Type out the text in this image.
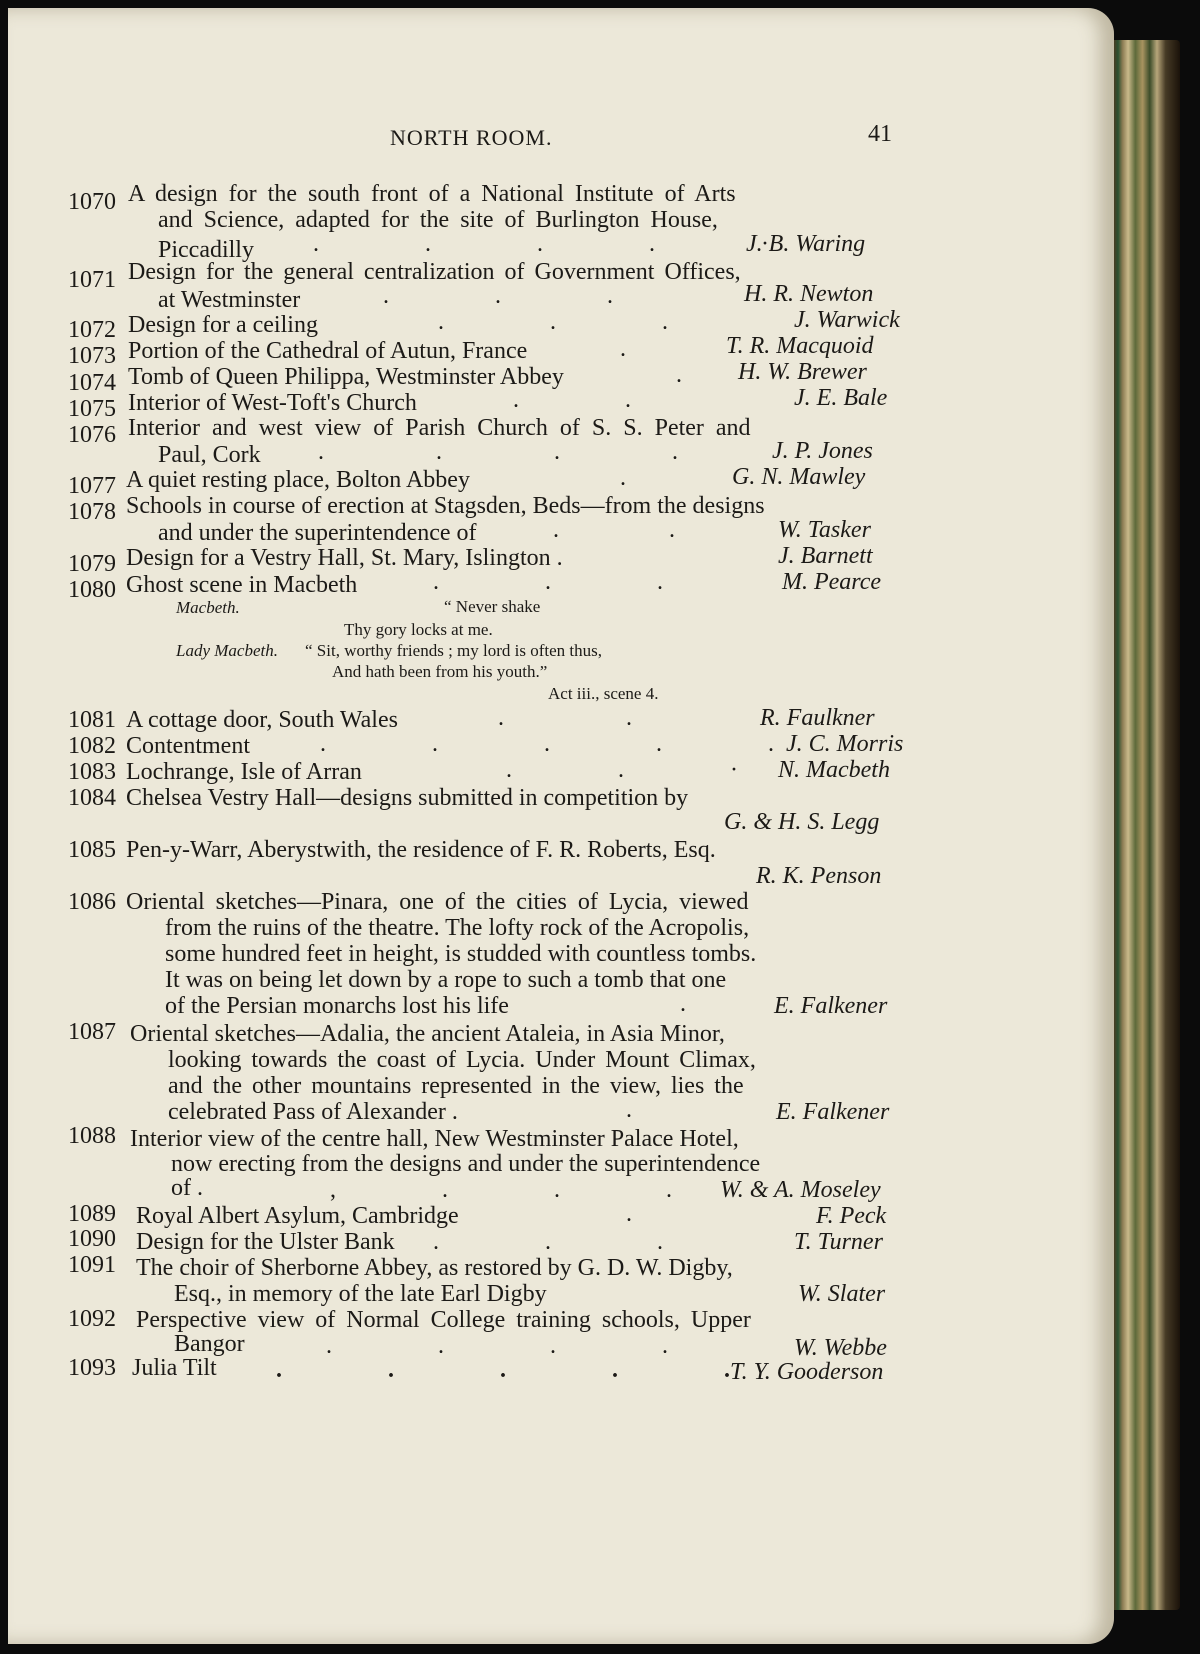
NORTH ROOM.	41
1070 A design for the south front of a National Institute of Arts
and Science, adapted for the site of Burlington House,
Piccadilly . . . . ·
J. B. Waring
1071 Design for the general centralization of Government Offices,
at Westminster	. . .	H. R. Newton
1072 Design for a ceiling	. . .	J. Warwick
1073 Portion of the Cathedral of Autun, France	.	T. R. Macquoid
1074 Tomb of Queen Philippa, Westminster Abbey	. H. W. Brewer
1075 Interior of West-Toft's Church	. .	J. E. Bale
1076 Interior and west view of Parish Church of S. S. Peter and
Paul, Cork . . . .	J. P. Jones
1077 A quiet resting place, Bolton Abbey	.	G. N. Mawley
1078 Schools in course of erection at Stagsden, Beds—from the designs
and under the superintendence of	. .	W. Tasker
1079 Design for a Vestry Hall, St. Mary, Islington .	J. Barnett
1080 Ghost scene in Macbeth	. . .	M. Pearce
Macbeth.	“ Never shake
Thy gory locks at me.
Lady Macbeth. “ Sit, worthy friends ; my lord is often thus,
And hath been from his youth.”
Act iii., scene 4.
1081 A cottage door, South Wales	. .	R. Faulkner
1082 Contentment	. . . . . J. C. Morris
1083 Lochrange, Isle of Arran	. . · N. Macbeth
1084 Chelsea Vestry Hall—designs submitted in competition by
G. & H. S. Legg
1085 Pen-y-Warr, Aberystwith, the residence of F. R. Roberts, Esq.
R. K. Penson
1086 Oriental sketches—Pinara, one of the cities of Lycia, viewed
from the ruins of the theatre. The lofty rock of the Acropolis,
some hundred feet in height, is studded with countless tombs.
It was on being let down by a rope to such a tomb that one
of the Persian monarchs lost his life	.	E. Falkener
1087 Oriental sketches—Adalia, the ancient Ataleia, in Asia Minor,
looking towards the coast of Lycia. Under Mount Climax,
and the other mountains represented in the view, lies the
celebrated Pass of Alexander .	.	E. Falkener
1088 Interior view of the centre hall, New Westminster Palace Hotel,
now erecting from the designs and under the superintendence
of .	, . . . W. & A. Moseley
1089 Royal Albert Asylum, Cambridge	.	F. Peck
1090 Design for the Ulster Bank . . .	T. Turner
1091 The choir of Sherborne Abbey, as restored by G. D. W. Digby,
Esq., in memory of the late Earl Digby	W. Slater
1092 Perspective view of Normal College training schools, Upper
Bangor	. . . .	W. Webbe
1093 Julia Tilt . . . . . T. Y. Gooderson
